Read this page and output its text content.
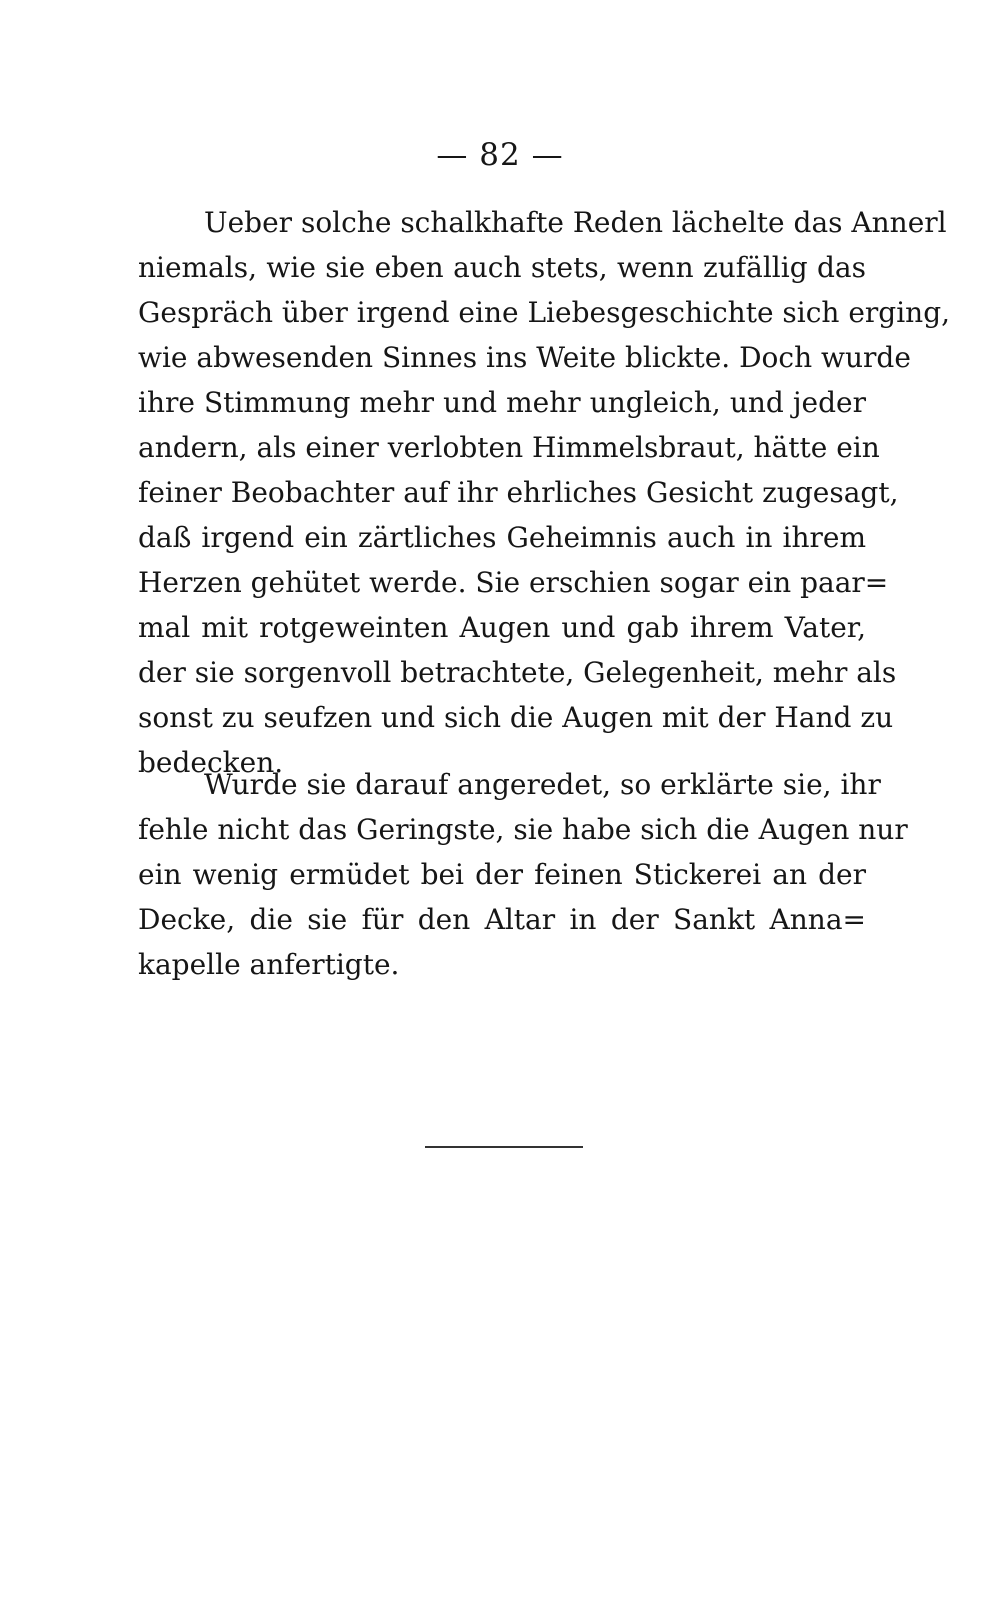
— 82 —
Ueber solche schalkhafte Reden lächelte das Annerl
niemals, wie sie eben auch stets, wenn zufällig das
Gespräch über irgend eine Liebesgeschichte sich erging,
wie abwesenden Sinnes ins Weite blickte. Doch wurde
ihre Stimmung mehr und mehr ungleich, und jeder
andern, als einer verlobten Himmelsbraut, hätte ein
feiner Beobachter auf ihr ehrliches Gesicht zugesagt,
daß irgend ein zärtliches Geheimnis auch in ihrem
Herzen gehütet werde. Sie erschien sogar ein paar=
mal mit rotgeweinten Augen und gab ihrem Vater,
der sie sorgenvoll betrachtete, Gelegenheit, mehr als
sonst zu seufzen und sich die Augen mit der Hand zu
bedecken.
Wurde sie darauf angeredet, so erklärte sie, ihr
fehle nicht das Geringste, sie habe sich die Augen nur
ein wenig ermüdet bei der feinen Stickerei an der
Decke, die sie für den Altar in der Sankt Anna=
kapelle anfertigte.
